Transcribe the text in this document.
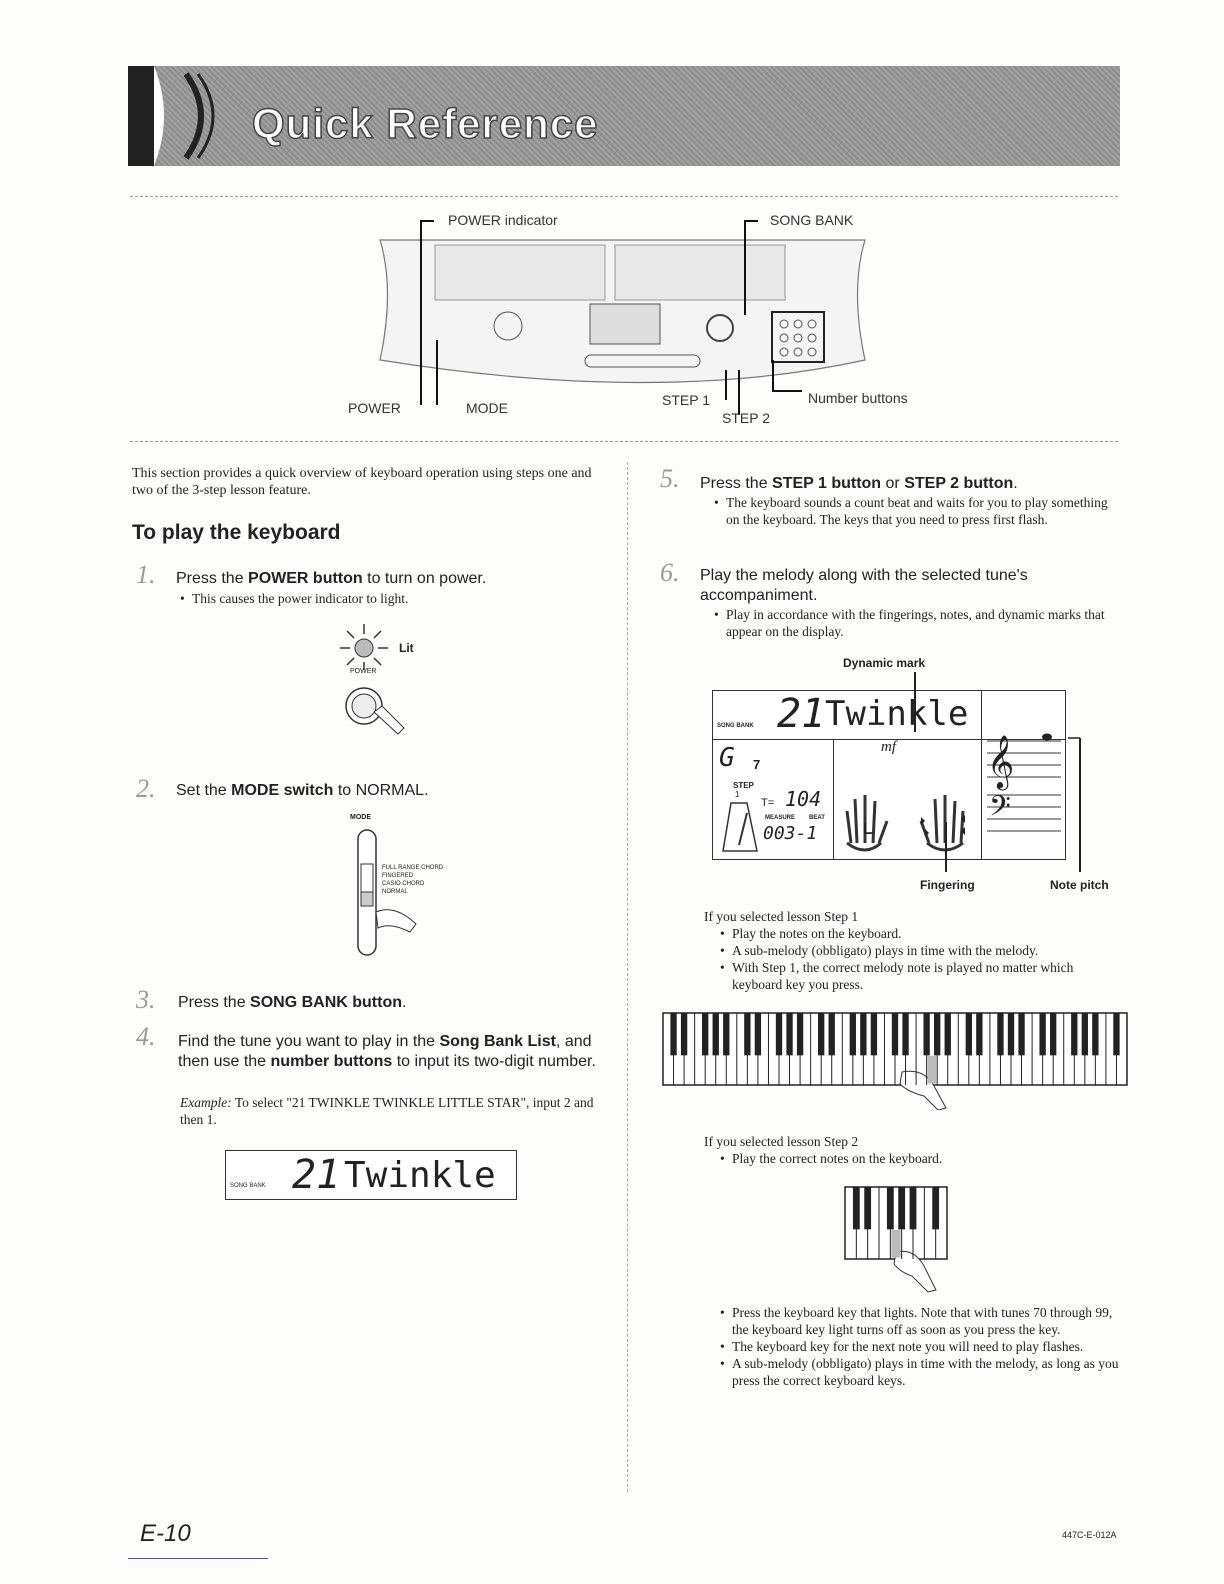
Quick Reference
POWER indicator	SONG BANK
POWER	MODE	STEP 1
STEP 2
Number buttons
This section provides a quick overview of keyboard operation using steps one and two of the 3-step lesson feature.
To play the keyboard
1. Press the POWER button to turn on power.
• This causes the power indicator to light.
Lit
POWER
2. Set the MODE switch to NORMAL.
MODE
FULL RANGE CHORD
FINGERED
CASIO CHORD
NORMAL
3. Press the SONG BANK button.
4. Find the tune you want to play in the Song Bank List, and then use the number buttons to input its two-digit number.
Example: To select "21 TWINKLE TWINKLE LITTLE STAR", input 2 and then 1.
SONG BANK 21 Twinkle
5. Press the STEP 1 button or STEP 2 button.
• The keyboard sounds a count beat and waits for you to play something on the keyboard. The keys that you need to press first flash.
6. Play the melody along with the selected tune's accompaniment.
• Play in accordance with the fingerings, notes, and dynamic marks that appear on the display.
Dynamic mark
SONG BANK 21 Twinkle
mf
G 7
STEP
1
T= 104
MEASURE BEAT
003-1	L
𝄞
𝄢
Fingering	Note pitch
If you selected lesson Step 1
• Play the notes on the keyboard.
• A sub-melody (obbligato) plays in time with the melody.
• With Step 1, the correct melody note is played no matter which keyboard key you press.
If you selected lesson Step 2
• Play the correct notes on the keyboard.
• Press the keyboard key that lights. Note that with tunes 70 through 99, the keyboard key light turns off as soon as you press the key.
• The keyboard key for the next note you will need to play flashes.
• A sub-melody (obbligato) plays in time with the melody, as long as you press the correct keyboard keys.
E-10	447C-E-012A
